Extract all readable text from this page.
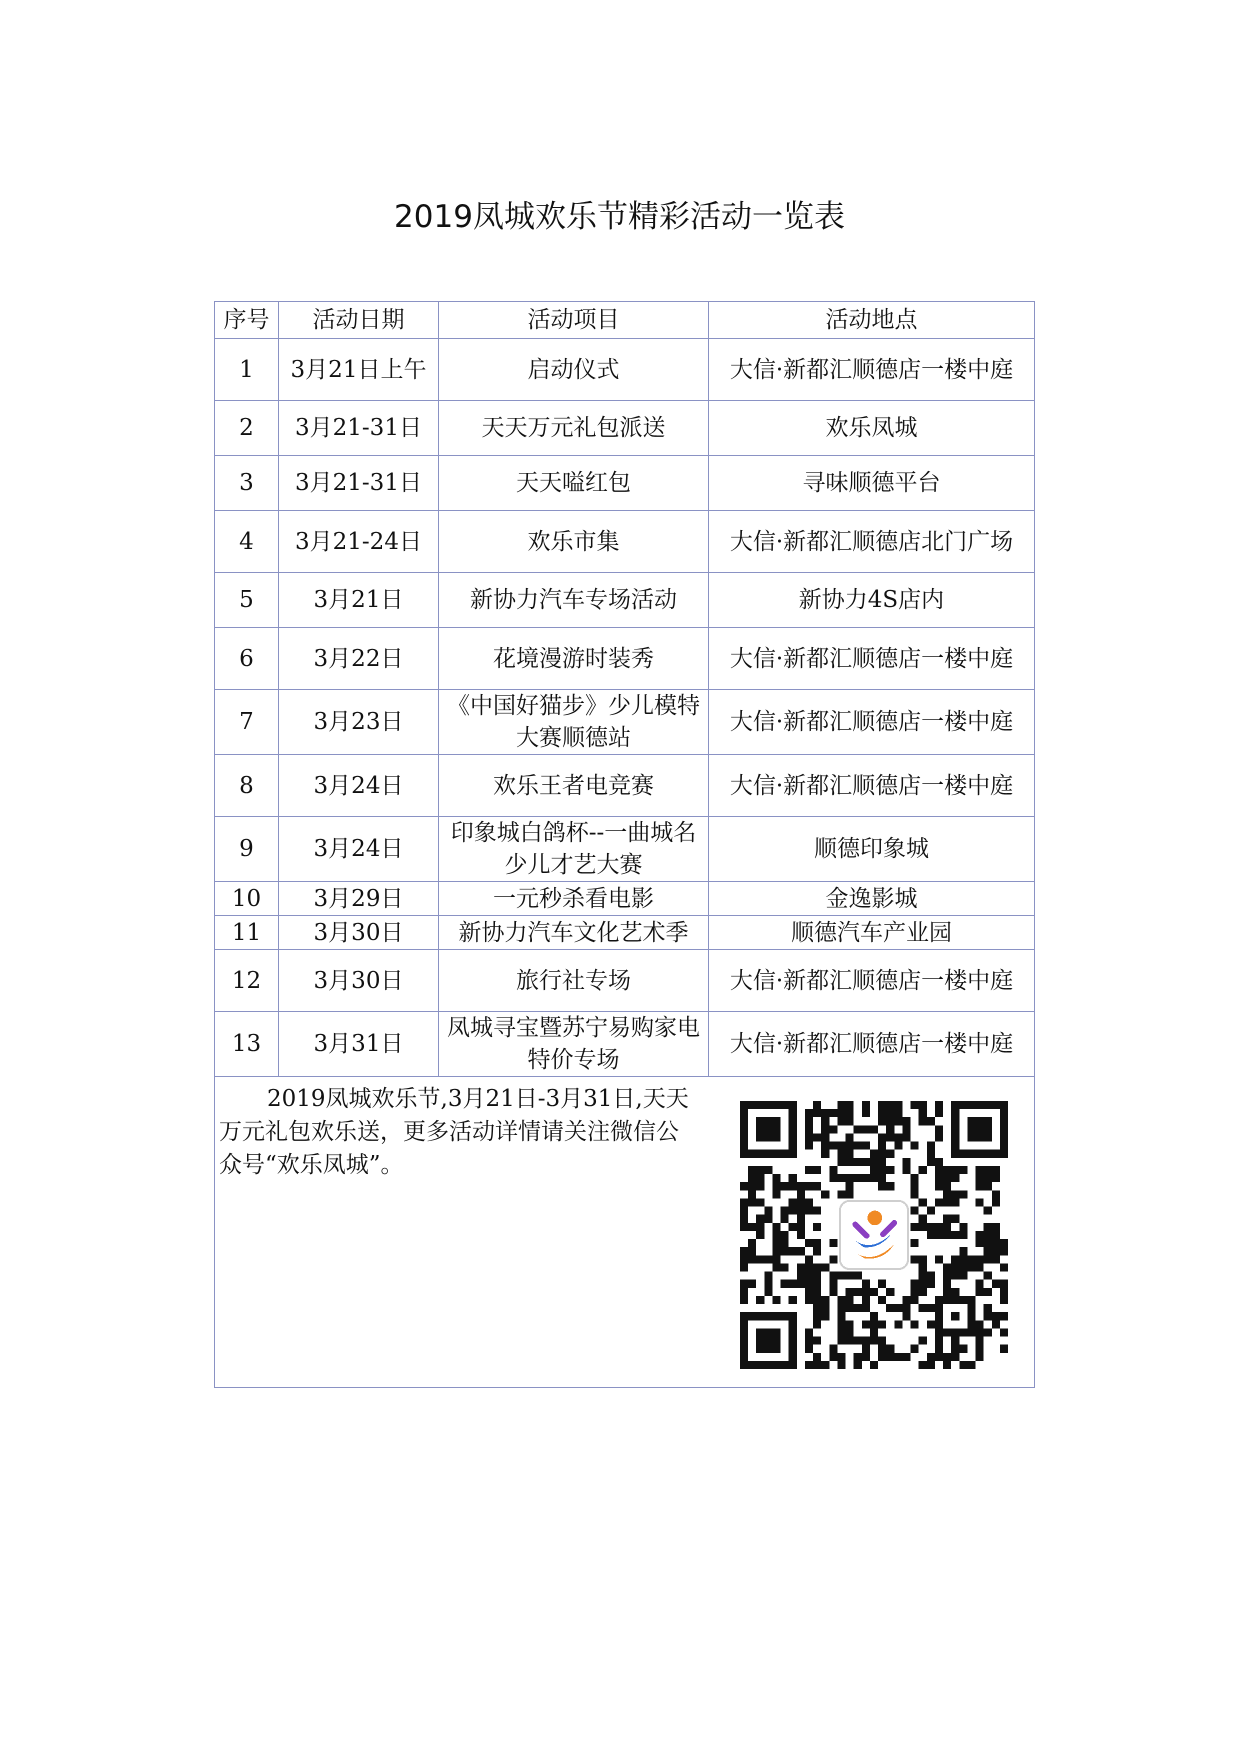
2019凤城欢乐节精彩活动一览表
序号	活动日期	活动项目	活动地点
1	3月21日上午	启动仪式	大信·新都汇顺德店一楼中庭
2	3月21-31日	天天万元礼包派送	欢乐凤城
3	3月21-31日	天天嗌红包	寻味顺德平台
4	3月21-24日	欢乐市集	大信·新都汇顺德店北门广场
5	3月21日	新协力汽车专场活动	新协力4S店内
6	3月22日	花境漫游时装秀	大信·新都汇顺德店一楼中庭
7	3月23日	《中国好猫步》少儿模特大赛顺德站	大信·新都汇顺德店一楼中庭
8	3月24日	欢乐王者电竞赛	大信·新都汇顺德店一楼中庭
9	3月24日	印象城白鸽杯--一曲城名少儿才艺大赛	顺德印象城
10	3月29日	一元秒杀看电影	金逸影城
11	3月30日	新协力汽车文化艺术季	顺德汽车产业园
12	3月30日	旅行社专场	大信·新都汇顺德店一楼中庭
13	3月31日	凤城寻宝暨苏宁易购家电特价专场	大信·新都汇顺德店一楼中庭

2019凤城欢乐节,3月21日-3月31日,天天万元礼包欢乐送，更多活动详情请关注微信公众号“欢乐凤城”。			
